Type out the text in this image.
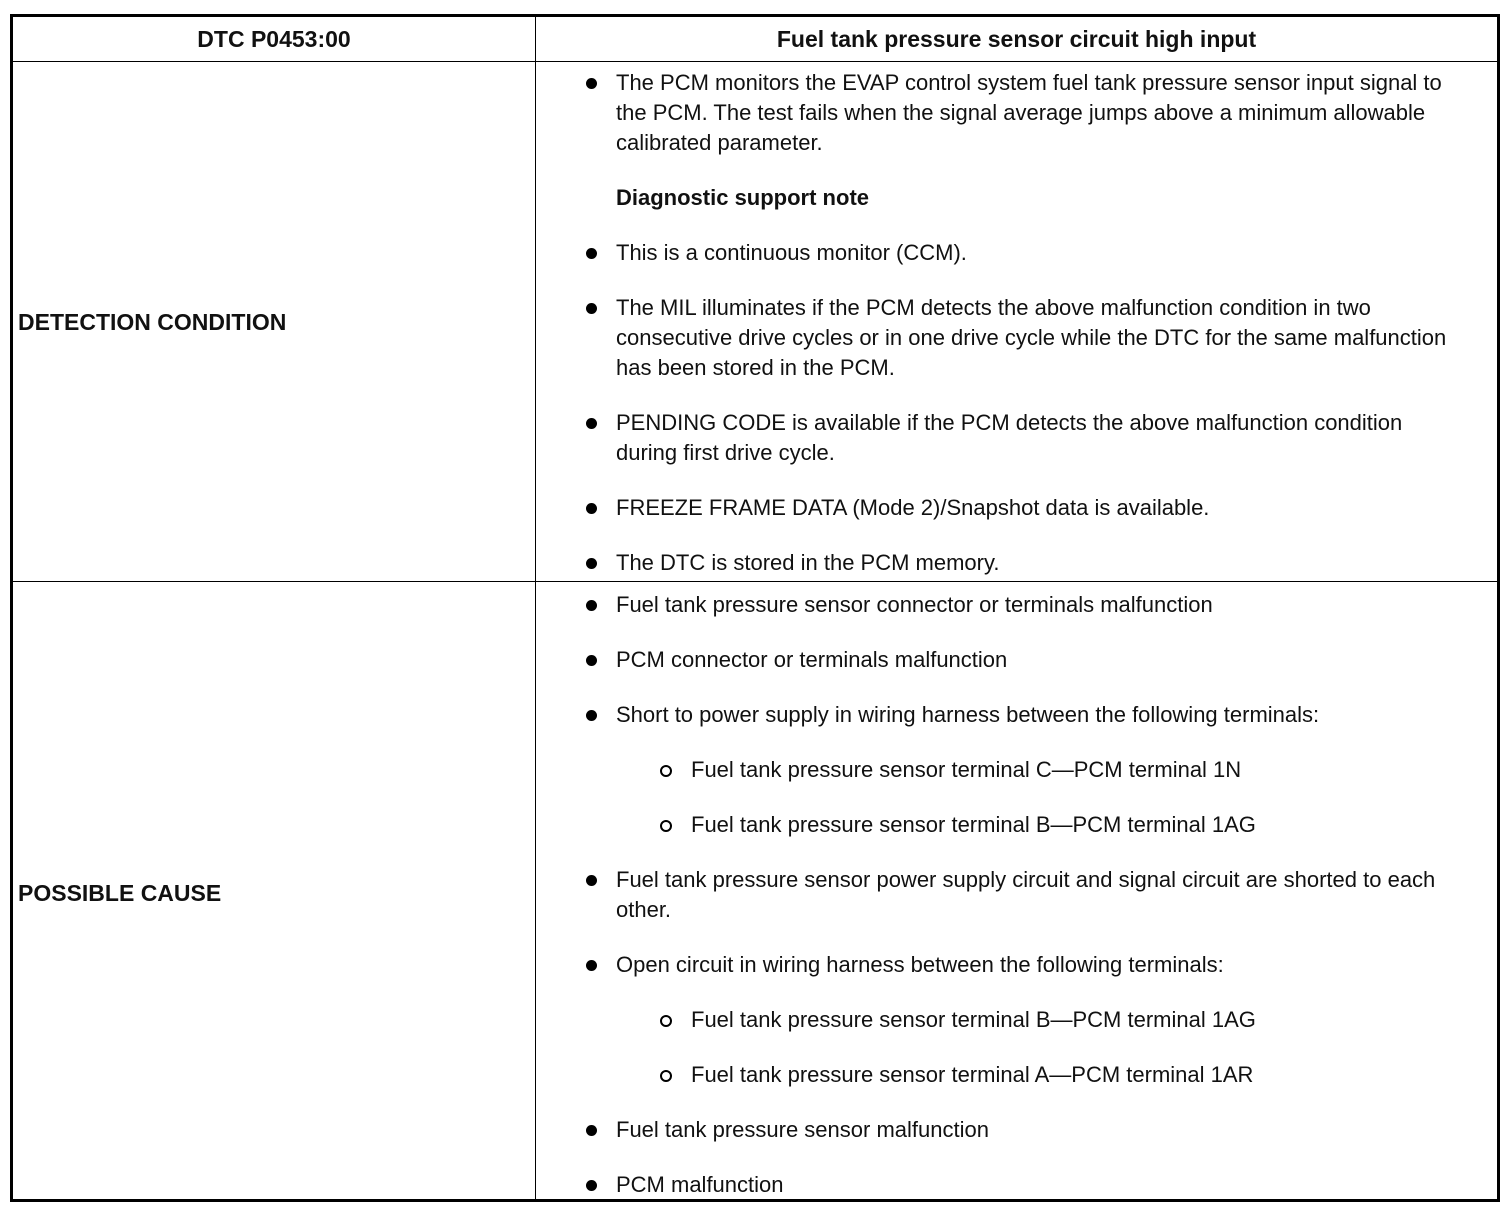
DTC P0453:00	Fuel tank pressure sensor circuit high input
DETECTION CONDITION
The PCM monitors the EVAP control system fuel tank pressure sensor input signal to the PCM. The test fails when the signal average jumps above a minimum allowable calibrated parameter.
Diagnostic support note
This is a continuous monitor (CCM).
The MIL illuminates if the PCM detects the above malfunction condition in two consecutive drive cycles or in one drive cycle while the DTC for the same malfunction has been stored in the PCM.
PENDING CODE is available if the PCM detects the above malfunction condition during first drive cycle.
FREEZE FRAME DATA (Mode 2)/Snapshot data is available.
The DTC is stored in the PCM memory.
POSSIBLE CAUSE
Fuel tank pressure sensor connector or terminals malfunction
PCM connector or terminals malfunction
Short to power supply in wiring harness between the following terminals:
Fuel tank pressure sensor terminal C—PCM terminal 1N
Fuel tank pressure sensor terminal B—PCM terminal 1AG
Fuel tank pressure sensor power supply circuit and signal circuit are shorted to each other.
Open circuit in wiring harness between the following terminals:
Fuel tank pressure sensor terminal B—PCM terminal 1AG
Fuel tank pressure sensor terminal A—PCM terminal 1AR
Fuel tank pressure sensor malfunction
PCM malfunction
